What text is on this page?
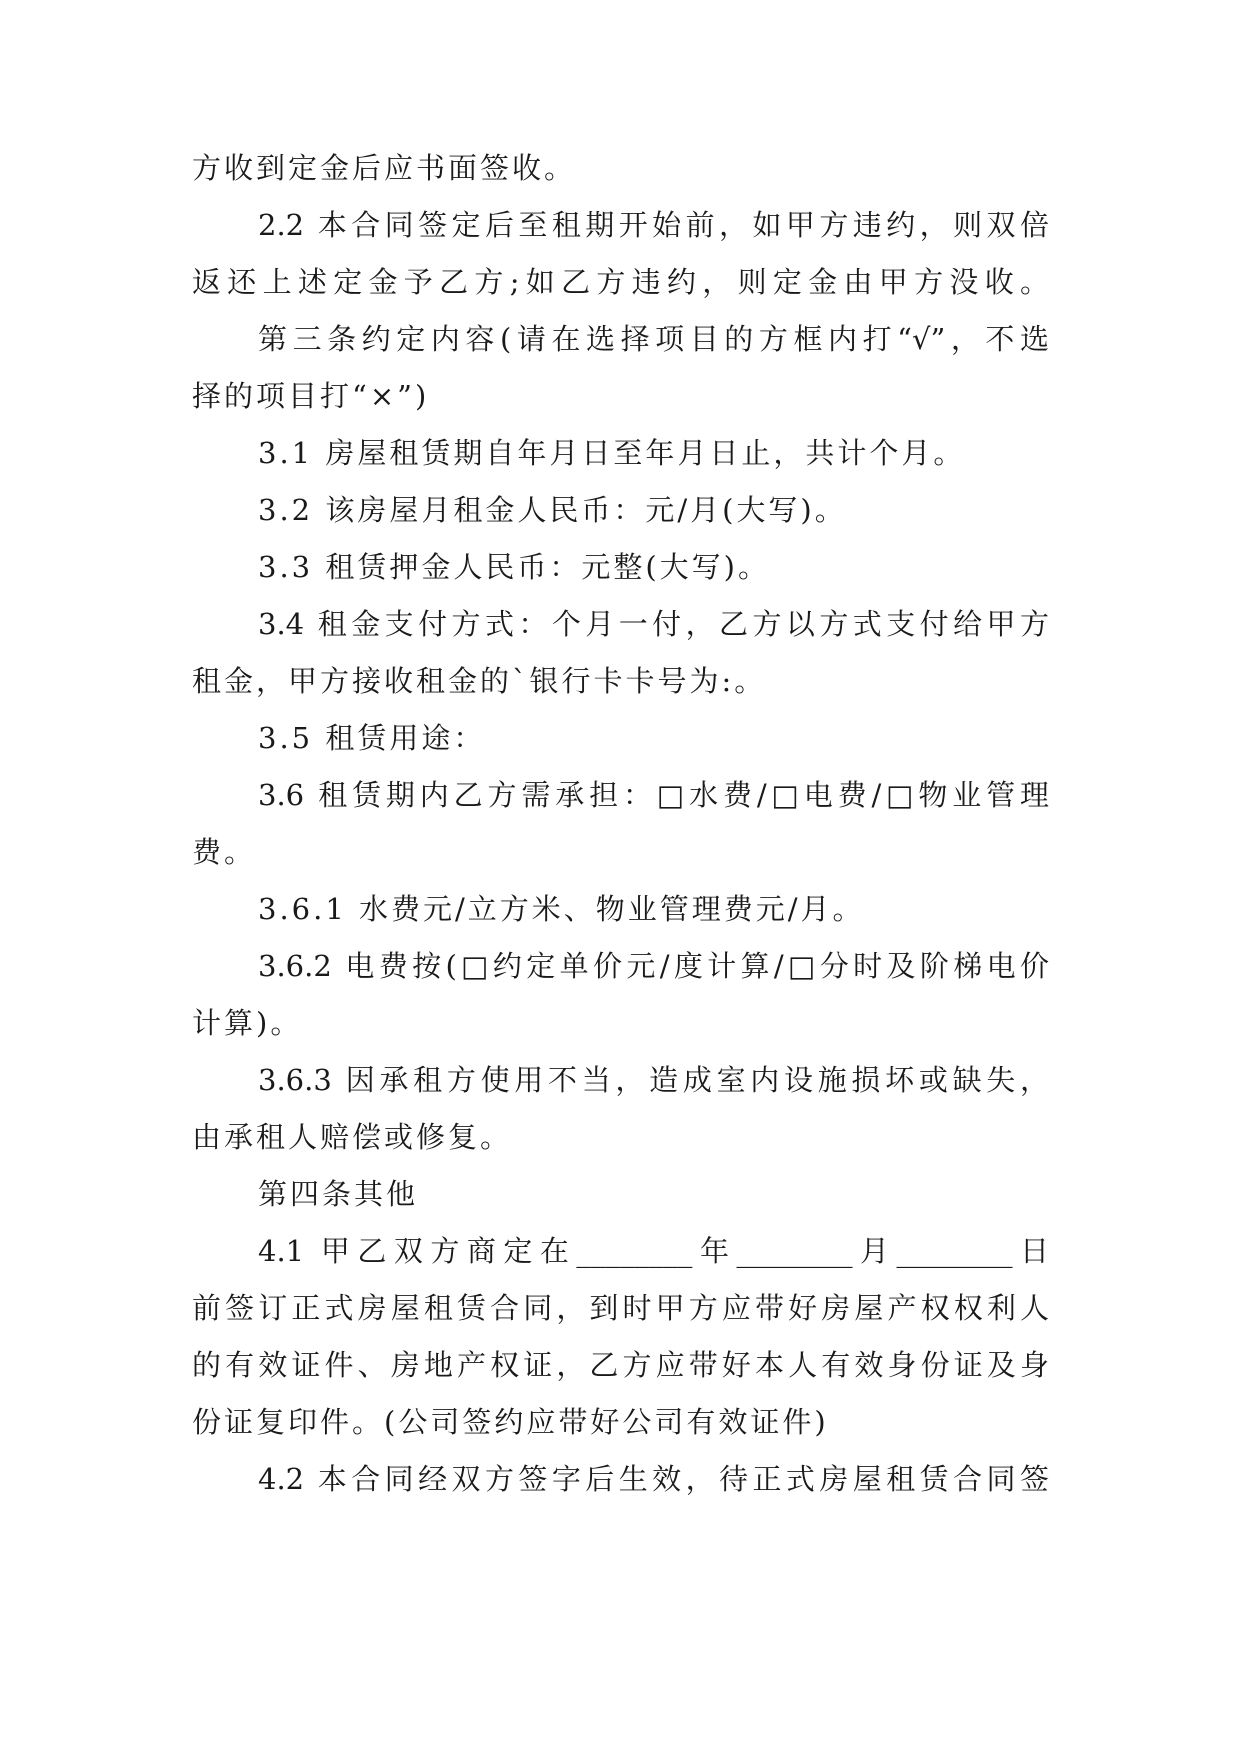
方收到定金后应书面签收。
2.2 本合同签定后至租期开始前，如甲方违约，则双倍
返还上述定金予乙方;如乙方违约，则定金由甲方没收。
第三条约定内容(请在选择项目的方框内打“√”，不选
择的项目打“×”)
3.1 房屋租赁期自年月日至年月日止，共计个月。
3.2 该房屋月租金人民币：元/月(大写)。
3.3 租赁押金人民币：元整(大写)。
3.4 租金支付方式：个月一付，乙方以方式支付给甲方
租金，甲方接收租金的`银行卡卡号为:。
3.5 租赁用途：
3.6 租赁期内乙方需承担：□水费/□电费/□物业管理
费。
3.6.1 水费元/立方米、物业管理费元/月。
3.6.2 电费按(□约定单价元/度计算/□分时及阶梯电价
计算)。
3.6.3 因承租方使用不当，造成室内设施损坏或缺失，
由承租人赔偿或修复。
第四条其他
4.1 甲乙双方商定在________年________月________日
前签订正式房屋租赁合同，到时甲方应带好房屋产权权利人
的有效证件、房地产权证，乙方应带好本人有效身份证及身
份证复印件。(公司签约应带好公司有效证件)
4.2 本合同经双方签字后生效，待正式房屋租赁合同签
